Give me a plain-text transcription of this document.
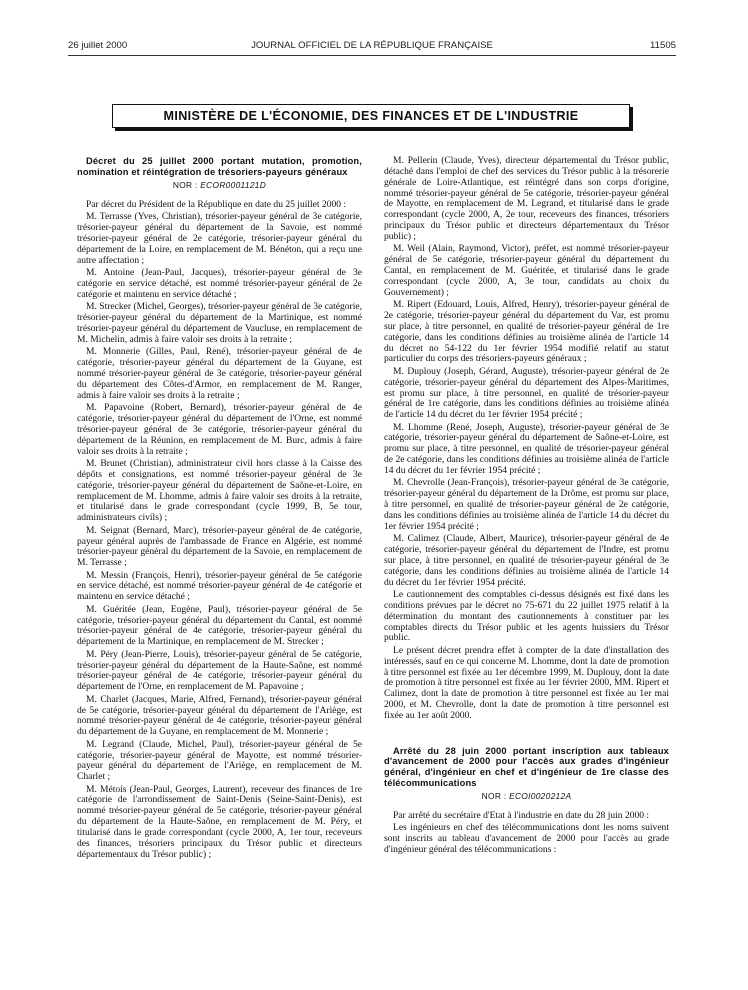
26 juillet 2000	JOURNAL OFFICIEL DE LA RÉPUBLIQUE FRANÇAISE	11505
MINISTÈRE DE L'ÉCONOMIE, DES FINANCES ET DE L'INDUSTRIE
Décret du 25 juillet 2000 portant mutation, promotion, nomination et réintégration de trésoriers-payeurs généraux
NOR : ECOR0001121D

Par décret du Président de la République en date du 25 juillet 2000 :

M. Terrasse (Yves, Christian), trésorier-payeur général de 3e catégorie, trésorier-payeur général du département de la Savoie, est nommé trésorier-payeur général de 2e catégorie, trésorier-payeur général du département de la Loire, en remplacement de M. Bénéton, qui a reçu une autre affectation ;

M. Antoine (Jean-Paul, Jacques), trésorier-payeur général de 3e catégorie en service détaché, est nommé trésorier-payeur général de 2e catégorie et maintenu en service détaché ;

M. Strecker (Michel, Georges), trésorier-payeur général de 3e catégorie, trésorier-payeur général du département de la Martinique, est nommé trésorier-payeur général du département de Vaucluse, en remplacement de M. Michelin, admis à faire valoir ses droits à la retraite ;

M. Monnerie (Gilles, Paul, René), trésorier-payeur général de 4e catégorie, trésorier-payeur général du département de la Guyane, est nommé trésorier-payeur général de 3e catégorie, trésorier-payeur général du département des Côtes-d'Armor, en remplacement de M. Ranger, admis à faire valoir ses droits à la retraite ;

M. Papavoine (Robert, Bernard), trésorier-payeur général de 4e catégorie, trésorier-payeur général du département de l'Orne, est nommé trésorier-payeur général de 3e catégorie, trésorier-payeur général du département de la Réunion, en remplacement de M. Burc, admis à faire valoir ses droits à la retraite ;

M. Brunet (Christian), administrateur civil hors classe à la Caisse des dépôts et consignations, est nommé trésorier-payeur général de 3e catégorie, trésorier-payeur général du département de Saône-et-Loire, en remplacement de M. Lhomme, admis à faire valoir ses droits à la retraite, et titularisé dans le grade correspondant (cycle 1999, B, 5e tour, administrateurs civils) ;

M. Seignat (Bernard, Marc), trésorier-payeur général de 4e catégorie, payeur général auprès de l'ambassade de France en Algérie, est nommé trésorier-payeur général du département de la Savoie, en remplacement de M. Terrasse ;

M. Messin (François, Henri), trésorier-payeur général de 5e catégorie en service détaché, est nommé trésorier-payeur général de 4e catégorie et maintenu en service détaché ;

M. Guéritée (Jean, Eugène, Paul), trésorier-payeur général de 5e catégorie, trésorier-payeur général du département du Cantal, est nommé trésorier-payeur général de 4e catégorie, trésorier-payeur général du département de la Martinique, en remplacement de M. Strecker ;

M. Péry (Jean-Pierre, Louis), trésorier-payeur général de 5e catégorie, trésorier-payeur général du département de la Haute-Saône, est nommé trésorier-payeur général de 4e catégorie, trésorier-payeur général du département de l'Orne, en remplacement de M. Papavoine ;

M. Charlet (Jacques, Marie, Alfred, Fernand), trésorier-payeur général de 5e catégorie, trésorier-payeur général du département de l'Ariège, est nommé trésorier-payeur général de 4e catégorie, trésorier-payeur général du département de la Guyane, en remplacement de M. Monnerie ;

M. Legrand (Claude, Michel, Paul), trésorier-payeur général de 5e catégorie, trésorier-payeur général de Mayotte, est nommé trésorier-payeur général du département de l'Ariège, en remplacement de M. Charlet ;

M. Métois (Jean-Paul, Georges, Laurent), receveur des finances de 1re catégorie de l'arrondissement de Saint-Denis (Seine-Saint-Denis), est nommé trésorier-payeur général de 5e catégorie, trésorier-payeur général du département de la Haute-Saône, en remplacement de M. Péry, et titularisé dans le grade correspondant (cycle 2000, A, 1er tour, receveurs des finances, trésoriers principaux du Trésor public et directeurs départementaux du Trésor public) ;

M. Pellerin (Claude, Yves), directeur départemental du Trésor public, détaché dans l'emploi de chef des services du Trésor public à la trésorerie générale de Loire-Atlantique, est réintégré dans son corps d'origine, nommé trésorier-payeur général de 5e catégorie, trésorier-payeur général de Mayotte, en remplacement de M. Legrand, et titularisé dans le grade correspondant (cycle 2000, A, 2e tour, receveurs des finances, trésoriers principaux du Trésor public et directeurs départementaux du Trésor public) ;

M. Weil (Alain, Raymond, Victor), préfet, est nommé trésorier-payeur général de 5e catégorie, trésorier-payeur général du département du Cantal, en remplacement de M. Guéritée, et titularisé dans le grade correspondant (cycle 2000, A, 3e tour, candidats au choix du Gouvernement) ;

M. Ripert (Edouard, Louis, Alfred, Henry), trésorier-payeur général de 2e catégorie, trésorier-payeur général du département du Var, est promu sur place, à titre personnel, en qualité de trésorier-payeur général de 1re catégorie, dans les conditions définies au troisième alinéa de l'article 14 du décret no 54-122 du 1er février 1954 modifié relatif au statut particulier du corps des trésoriers-payeurs généraux ;

M. Duplouy (Joseph, Gérard, Auguste), trésorier-payeur général de 2e catégorie, trésorier-payeur général du département des Alpes-Maritimes, est promu sur place, à titre personnel, en qualité de trésorier-payeur général de 1re catégorie, dans les conditions définies au troisième alinéa de l'article 14 du décret du 1er février 1954 précité ;

M. Lhomme (René, Joseph, Auguste), trésorier-payeur général de 3e catégorie, trésorier-payeur général du département de Saône-et-Loire, est promu sur place, à titre personnel, en qualité de trésorier-payeur général de 2e catégorie, dans les conditions définies au troisième alinéa de l'article 14 du décret du 1er février 1954 précité ;

M. Chevrolle (Jean-François), trésorier-payeur général de 3e catégorie, trésorier-payeur général du département de la Drôme, est promu sur place, à titre personnel, en qualité de trésorier-payeur général de 2e catégorie, dans les conditions définies au troisième alinéa de l'article 14 du décret du 1er février 1954 précité ;

M. Calimez (Claude, Albert, Maurice), trésorier-payeur général de 4e catégorie, trésorier-payeur général du département de l'Indre, est promu sur place, à titre personnel, en qualité de trésorier-payeur général de 3e catégorie, dans les conditions définies au troisième alinéa de l'article 14 du décret du 1er février 1954 précité.

Le cautionnement des comptables ci-dessus désignés est fixé dans les conditions prévues par le décret no 75-671 du 22 juillet 1975 relatif à la détermination du montant des cautionnements à constituer par les comptables directs du Trésor public et les agents huissiers du Trésor public.

Le présent décret prendra effet à compter de la date d'installation des intéressés, sauf en ce qui concerne M. Lhomme, dont la date de promotion à titre personnel est fixée au 1er décembre 1999, M. Duplouy, dont la date de promotion à titre personnel est fixée au 1er février 2000, MM. Ripert et Calimez, dont la date de promotion à titre personnel est fixée au 1er mai 2000, et M. Chevrolle, dont la date de promotion à titre personnel est fixée au 1er août 2000.

Arrêté du 28 juin 2000 portant inscription aux tableaux d'avancement de 2000 pour l'accès aux grades d'ingénieur général, d'ingénieur en chef et d'ingénieur de 1re classe des télécommunications
NOR : ECOI0020212A

Par arrêté du secrétaire d'Etat à l'industrie en date du 28 juin 2000 :

Les ingénieurs en chef des télécommunications dont les noms suivent sont inscrits au tableau d'avancement de 2000 pour l'accès au grade d'ingénieur général des télécommunications :
